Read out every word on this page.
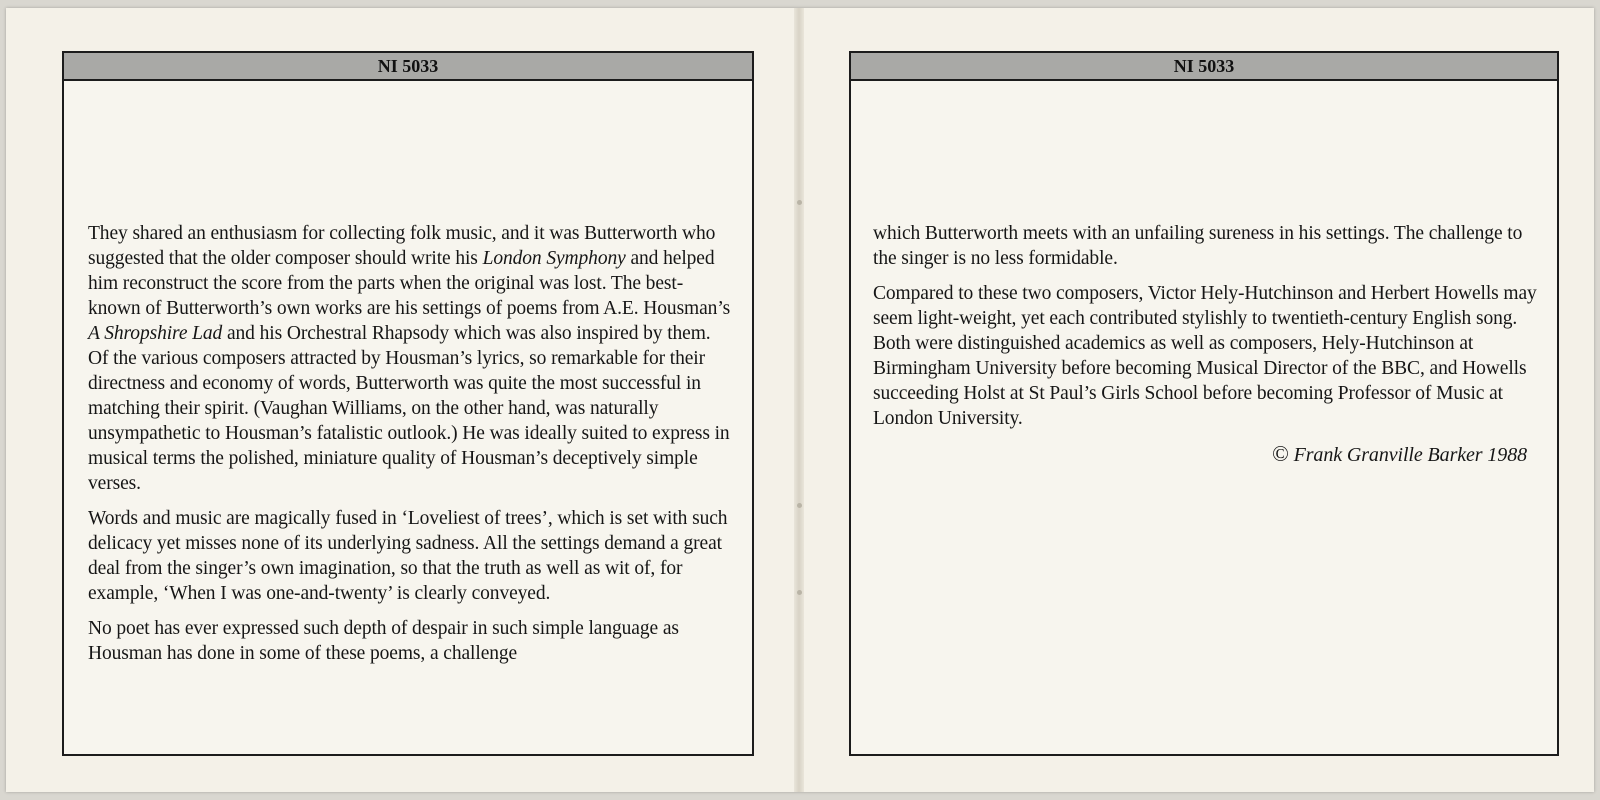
NI 5033

They shared an enthusiasm for collecting folk music, and it was Butterworth who suggested that the older composer should write his London Symphony and helped him reconstruct the score from the parts when the original was lost. The best-known of Butterworth’s own works are his settings of poems from A.E. Housman’s A Shropshire Lad and his Orchestral Rhapsody which was also inspired by them. Of the various composers attracted by Housman’s lyrics, so remarkable for their directness and economy of words, Butterworth was quite the most successful in matching their spirit. (Vaughan Williams, on the other hand, was naturally unsympathetic to Housman’s fatalistic outlook.) He was ideally suited to express in musical terms the polished, miniature quality of Housman’s deceptively simple verses.

Words and music are magically fused in ‘Loveliest of trees’, which is set with such delicacy yet misses none of its underlying sadness. All the settings demand a great deal from the singer’s own imagination, so that the truth as well as wit of, for example, ‘When I was one-and-twenty’ is clearly conveyed.

No poet has ever expressed such depth of despair in such simple language as Housman has done in some of these poems, a challenge

NI 5033

which Butterworth meets with an unfailing sureness in his settings. The challenge to the singer is no less formidable.

Compared to these two composers, Victor Hely-Hutchinson and Herbert Howells may seem light-weight, yet each contributed stylishly to twentieth-century English song. Both were distinguished academics as well as composers, Hely-Hutchinson at Birmingham University before becoming Musical Director of the BBC, and Howells succeeding Holst at St Paul’s Girls School before becoming Professor of Music at London University.

© Frank Granville Barker 1988
